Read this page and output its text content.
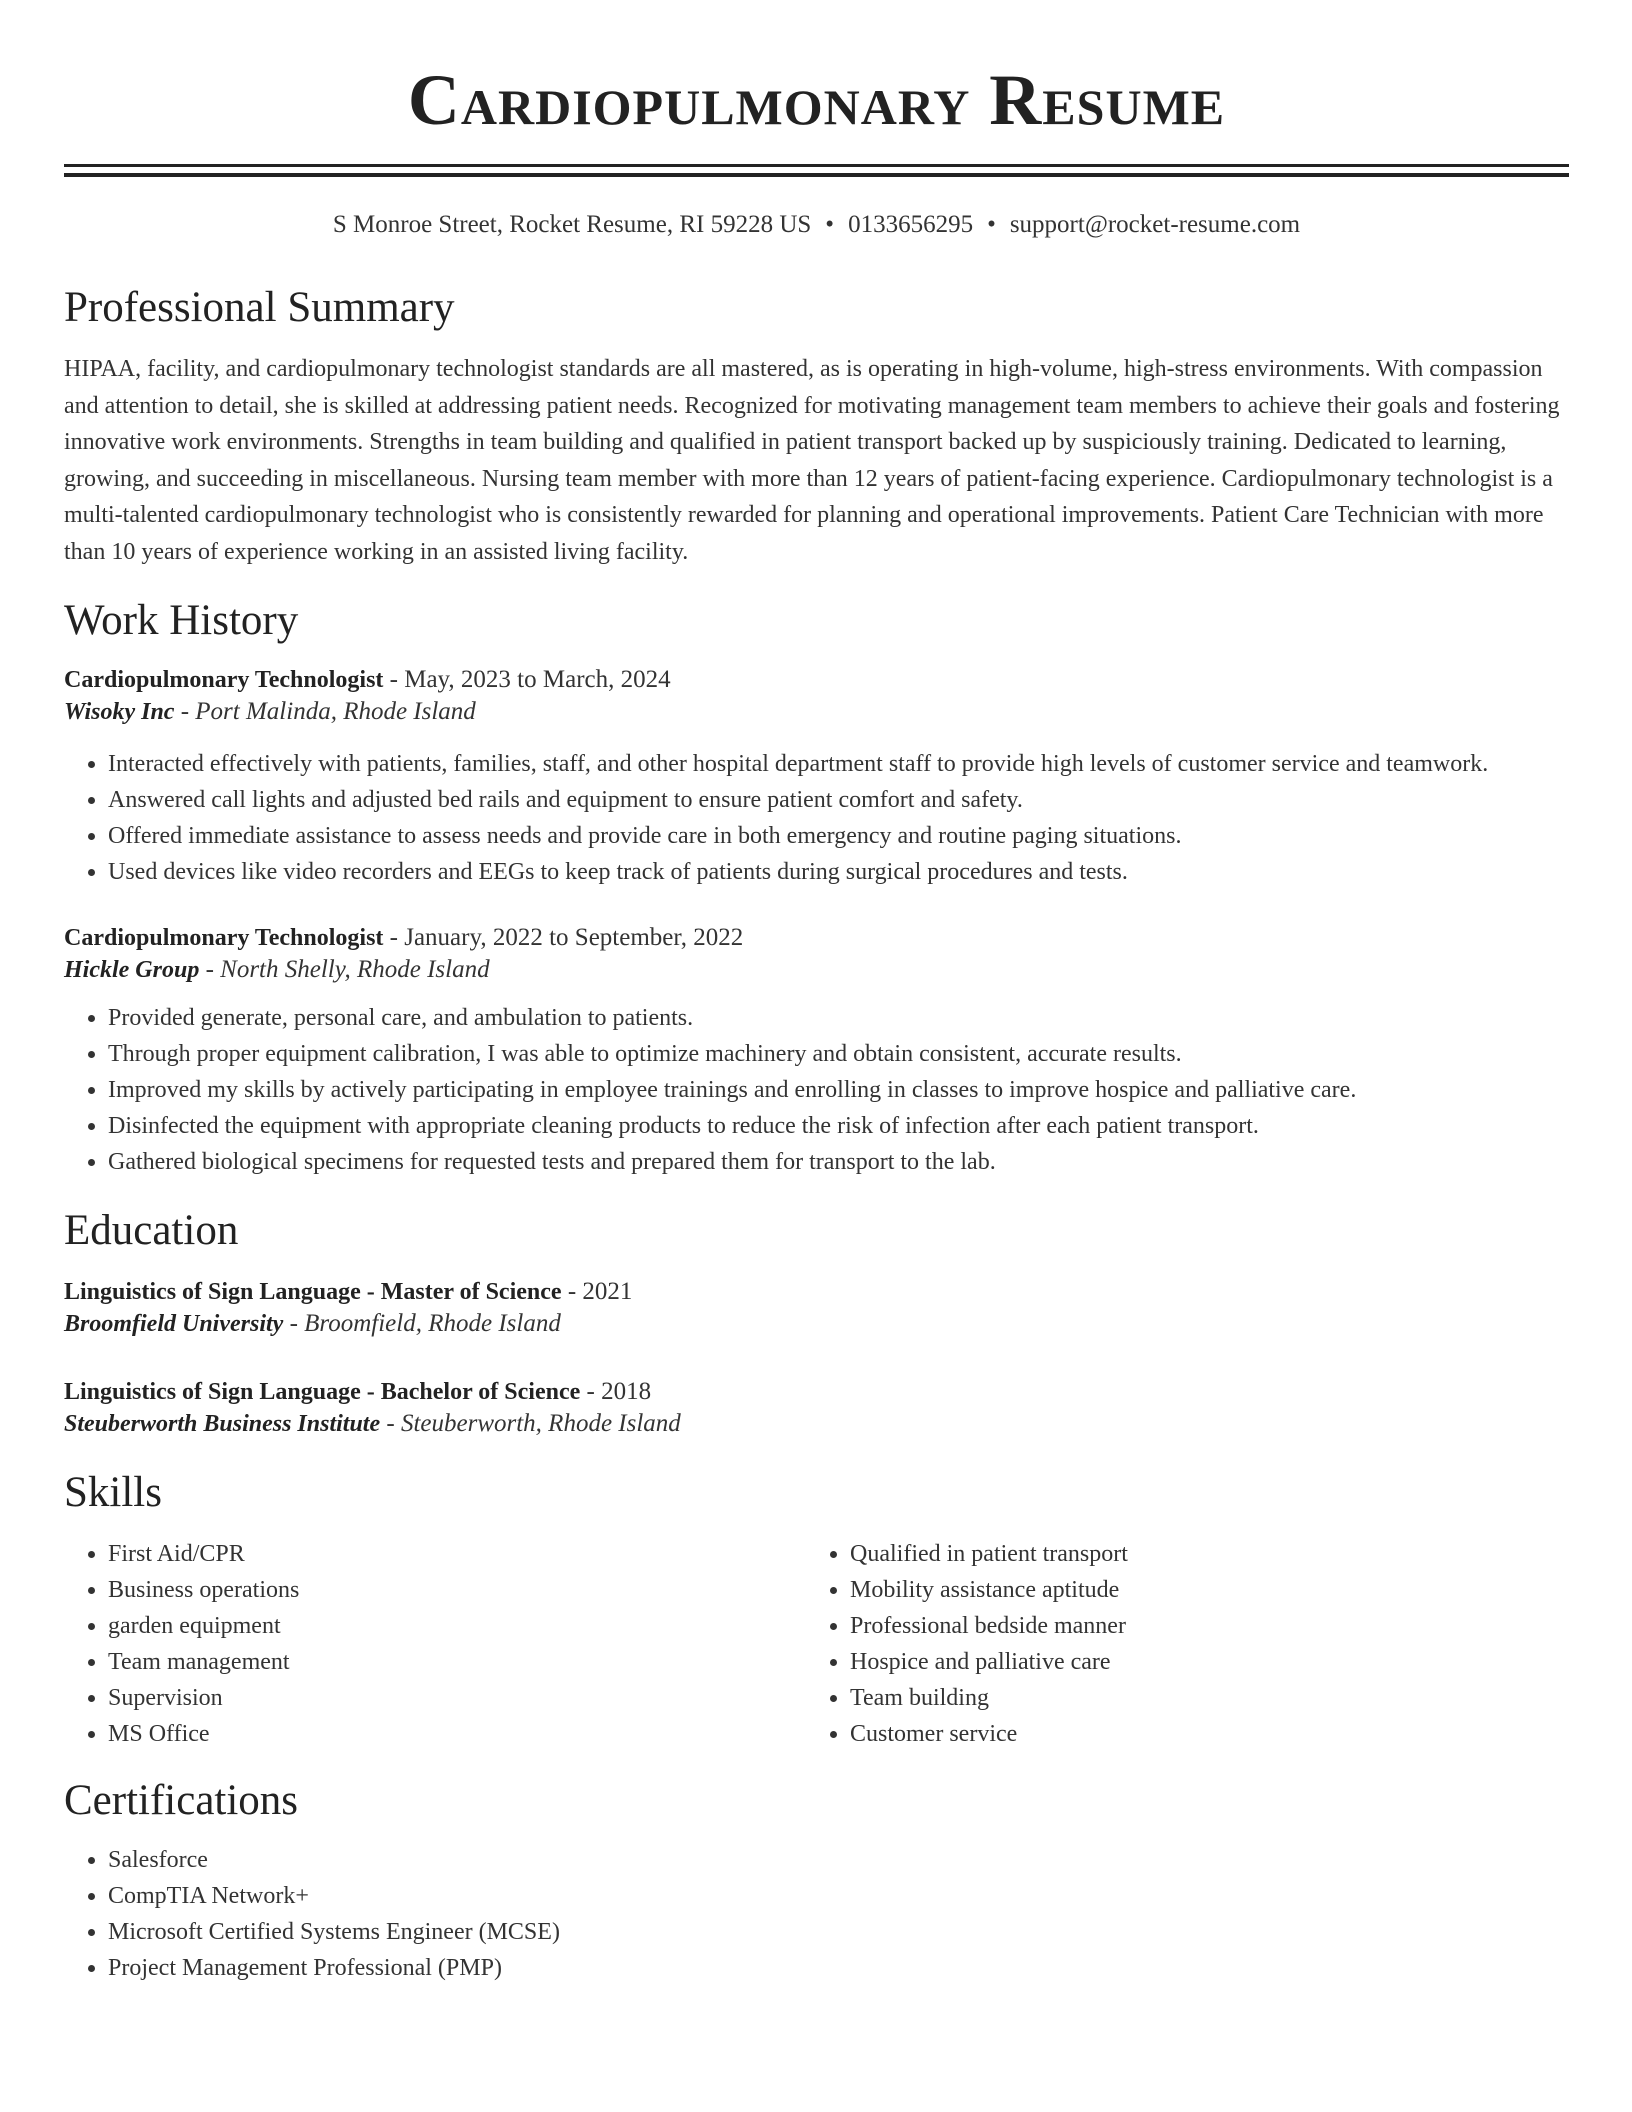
Cardiopulmonary Resume
S Monroe Street, Rocket Resume, RI 59228 US • 0133656295 • support@rocket-resume.com
Professional Summary
HIPAA, facility, and cardiopulmonary technologist standards are all mastered, as is operating in high-volume, high-stress environments. With compassion and attention to detail, she is skilled at addressing patient needs. Recognized for motivating management team members to achieve their goals and fostering innovative work environments. Strengths in team building and qualified in patient transport backed up by suspiciously training. Dedicated to learning, growing, and succeeding in miscellaneous. Nursing team member with more than 12 years of patient-facing experience. Cardiopulmonary technologist is a multi-talented cardiopulmonary technologist who is consistently rewarded for planning and operational improvements. Patient Care Technician with more than 10 years of experience working in an assisted living facility.
Work History
Cardiopulmonary Technologist - May, 2023 to March, 2024
Wisoky Inc - Port Malinda, Rhode Island
• Interacted effectively with patients, families, staff, and other hospital department staff to provide high levels of customer service and teamwork.
• Answered call lights and adjusted bed rails and equipment to ensure patient comfort and safety.
• Offered immediate assistance to assess needs and provide care in both emergency and routine paging situations.
• Used devices like video recorders and EEGs to keep track of patients during surgical procedures and tests.
Cardiopulmonary Technologist - January, 2022 to September, 2022
Hickle Group - North Shelly, Rhode Island
• Provided generate, personal care, and ambulation to patients.
• Through proper equipment calibration, I was able to optimize machinery and obtain consistent, accurate results.
• Improved my skills by actively participating in employee trainings and enrolling in classes to improve hospice and palliative care.
• Disinfected the equipment with appropriate cleaning products to reduce the risk of infection after each patient transport.
• Gathered biological specimens for requested tests and prepared them for transport to the lab.
Education
Linguistics of Sign Language - Master of Science - 2021
Broomfield University - Broomfield, Rhode Island
Linguistics of Sign Language - Bachelor of Science - 2018
Steuberworth Business Institute - Steuberworth, Rhode Island
Skills
• First Aid/CPR
• Business operations
• garden equipment
• Team management
• Supervision
• MS Office
• Qualified in patient transport
• Mobility assistance aptitude
• Professional bedside manner
• Hospice and palliative care
• Team building
• Customer service
Certifications
• Salesforce
• CompTIA Network+
• Microsoft Certified Systems Engineer (MCSE)
• Project Management Professional (PMP)
